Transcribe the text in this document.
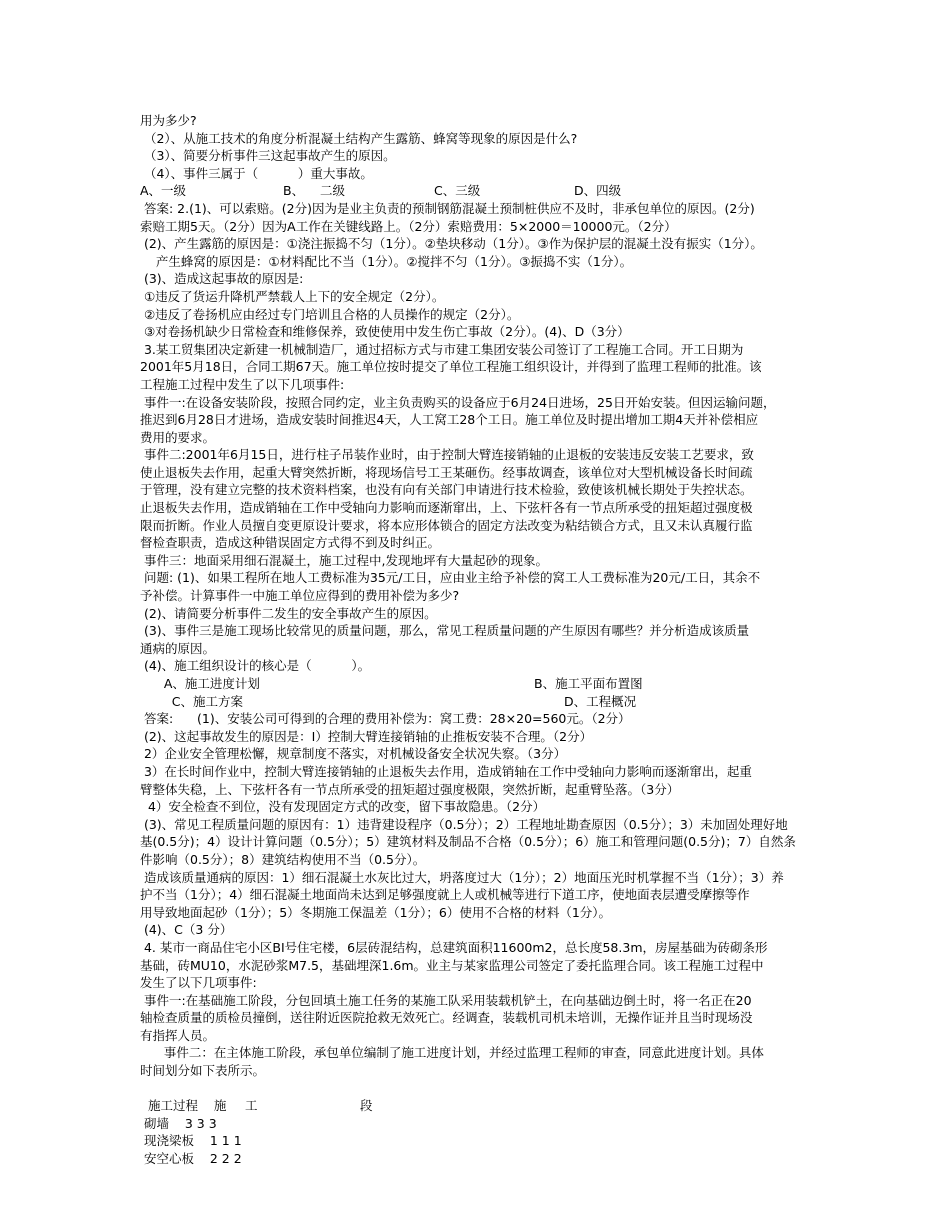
用为多少?
（2）、从施工技术的角度分析混凝土结构产生露筋、蜂窝等现象的原因是什么?
（3）、简要分析事件三这起事故产生的原因。
（4）、事件三属于（          ）重大事故。
A、一级	B、    二级	C、三级	D、四级
答案: 2.(1)、可以索赔。(2分)因为是业主负责的预制钢筋混凝土预制桩供应不及时，非承包单位的原因。(2分)
索赔工期5天。（2分）因为A工作在关键线路上。（2分）索赔费用：5×2000＝10000元。（2分）
(2)、产生露筋的原因是：①浇注振捣不匀（1分）。②垫块移动（1分）。③作为保护层的混凝土没有振实（1分）。
产生蜂窝的原因是：①材料配比不当（1分）。②搅拌不匀（1分）。③振捣不实（1分）。
(3)、造成这起事故的原因是:
①违反了货运升降机严禁载人上下的安全规定（2分）。
②违反了卷扬机应由经过专门培训且合格的人员操作的规定（2分）。
③对卷扬机缺少日常检查和维修保养，致使使用中发生伤亡事故（2分）。(4)、D（3分）
3.某工贸集团决定新建一机械制造厂，通过招标方式与市建工集团安装公司签订了工程施工合同。开工日期为
2001年5月18日，合同工期67天。施工单位按时提交了单位工程施工组织设计，并得到了监理工程师的批准。该
工程施工过程中发生了以下几项事件:
事件一:在设备安装阶段，按照合同约定，业主负责购买的设备应于6月24日进场，25日开始安装。但因运输问题，
推迟到6月28日才进场，造成安装时间推迟4天，人工窝工28个工日。施工单位及时提出增加工期4天并补偿相应
费用的要求。
事件二:2001年6月15日，进行柱子吊装作业时，由于控制大臂连接销轴的止退板的安装违反安装工艺要求，致
使止退板失去作用，起重大臂突然折断，将现场信号工王某砸伤。经事故调查，该单位对大型机械设备长时间疏
于管理，没有建立完整的技术资料档案，也没有向有关部门申请进行技术检验，致使该机械长期处于失控状态。
止退板失去作用，造成销轴在工作中受轴向力影响而逐渐窜出，上、下弦杆各有一节点所承受的扭矩超过强度极
限而折断。作业人员擅自变更原设计要求，将本应形体锁合的固定方法改变为粘结锁合方式，且又未认真履行监
督检查职责，造成这种错误固定方式得不到及时纠正。
事件三：地面采用细石混凝土，施工过程中,发现地坪有大量起砂的现象。
问题: (1)、如果工程所在地人工费标准为35元/工日，应由业主给予补偿的窝工人工费标准为20元/工日，其余不
予补偿。计算事件一中施工单位应得到的费用补偿为多少?
(2)、请简要分析事件二发生的安全事故产生的原因。
(3)、事件三是施工现场比较常见的质量问题，那么，常见工程质量问题的产生原因有哪些？并分析造成该质量
通病的原因。
(4)、施工组织设计的核心是（          ）。
A、施工进度计划	B、施工平面布置图
C、施工方案	D、工程概况
答案:      (1)、安装公司可得到的合理的费用补偿为：窝工费：28×20=560元。（2分）
(2)、这起事故发生的原因是：I）控制大臂连接销轴的止推板安装不合理。（2分）
2）企业安全管理松懈，规章制度不落实，对机械设备安全状况失察。（3分）
3）在长时间作业中，控制大臂连接销轴的止退板失去作用，造成销轴在工作中受轴向力影响而逐渐窜出，起重
臂整体失稳，上、下弦杆各有一节点所承受的扭矩超过强度极限，突然折断，起重臂坠落。（3分）
4）安全检查不到位，没有发现固定方式的改变，留下事故隐患。（2分）
(3)、常见工程质量问题的原因有：1）违背建设程序（0.5分）；2）工程地址勘查原因（0.5分）；3）未加固处理好地
基(0.5分)；4）设计计算问题（0.5分）；5）建筑材料及制品不合格（0.5分）；6）施工和管理问题(0.5分)；7）自然条
件影响（0.5分）；8）建筑结构使用不当（0.5分）。
造成该质量通病的原因：1）细石混凝土水灰比过大，坍落度过大（1分）；2）地面压光时机掌握不当（1分）；3）养
护不当（1分）；4）细石混凝土地面尚未达到足够强度就上人或机械等进行下道工序，使地面表层遭受摩擦等作
用导致地面起砂（1分）；5）冬期施工保温差（1分）；6）使用不合格的材料（1分）。
(4)、C（3 分）
4. 某市一商品住宅小区BI号住宅楼，6层砖混结构，总建筑面积11600m2，总长度58.3m，房屋基础为砖砌条形
基础，砖MU10，水泥砂浆M7.5，基础埋深1.6m。业主与某家监理公司签定了委托监理合同。该工程施工过程中
发生了以下几项事件:
事件一:在基础施工阶段，分包回填土施工任务的某施工队采用装载机铲土，在向基础边倒土时，将一名正在20
轴检查质量的质检员撞倒，送往附近医院抢救无效死亡。经调查，装载机司机未培训，无操作证并且当时现场没
有指挥人员。
事件二：在主体施工阶段，承包单位编制了施工进度计划，并经过监理工程师的审查，同意此进度计划。具体
时间划分如下表所示。
施工过程    施	工	段
砌墙    3 3 3
现浇梁板    1 1 1
安空心板    2 2 2
